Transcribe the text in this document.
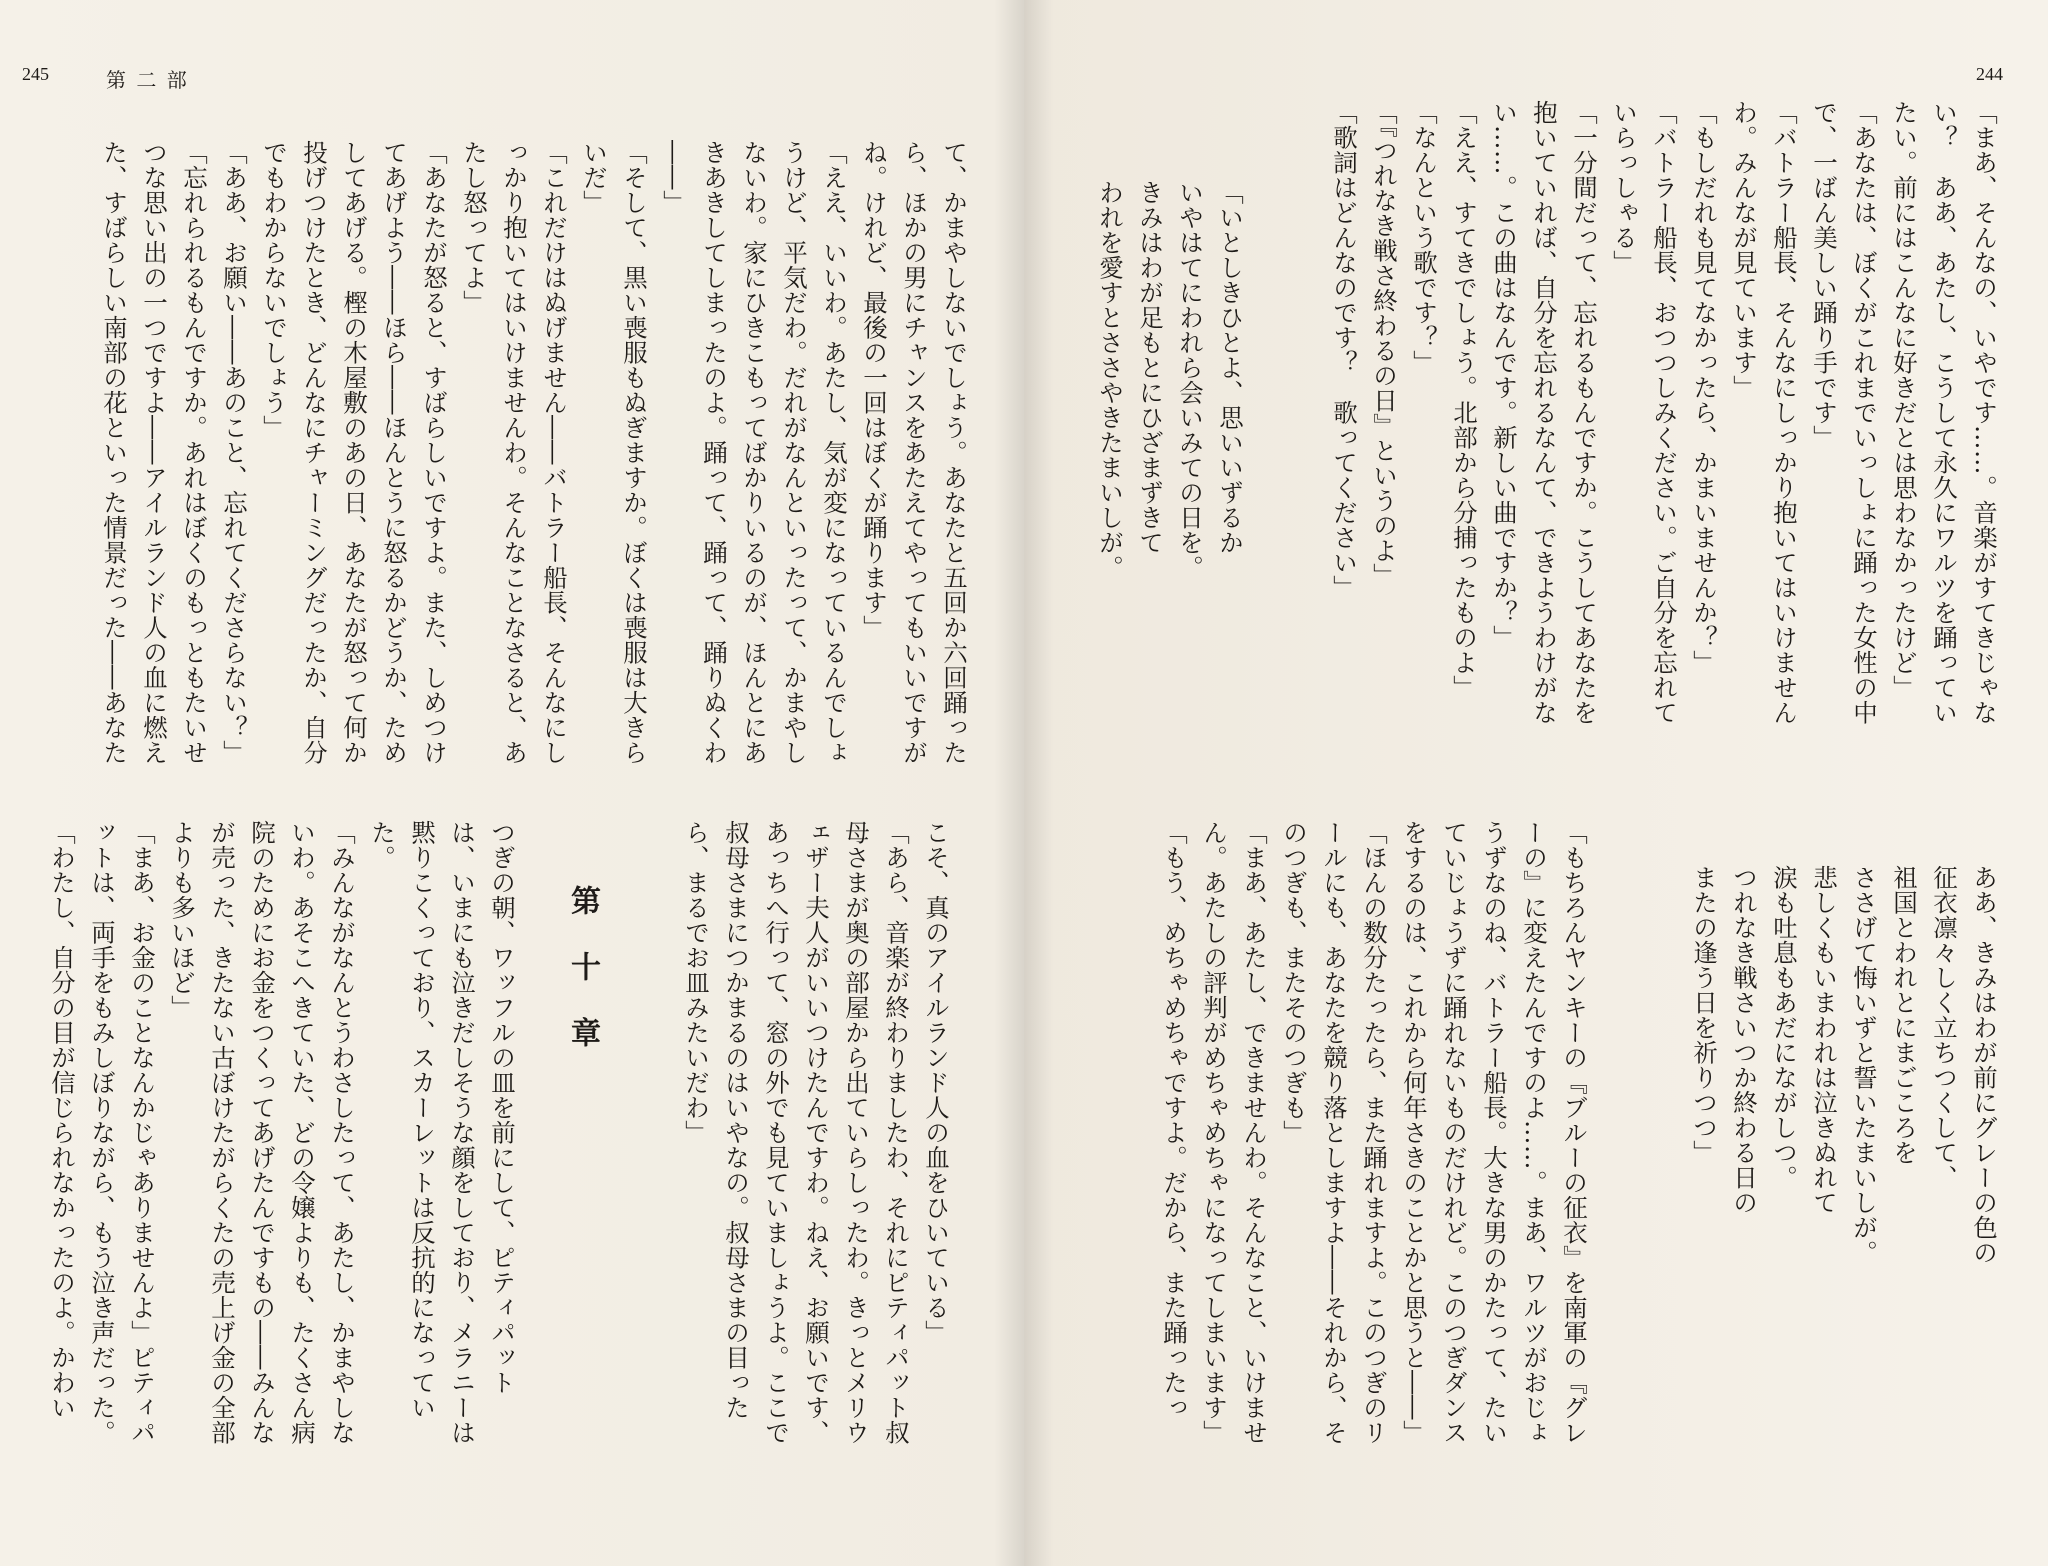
245	第 二 部

て、かまやしないでしょう。あなたと五回か六回踊った

ら、ほかの男にチャンスをあたえてやってもいいですが

ね。けれど、最後の一回はぼくが踊ります」

「ええ、いいわ。あたし、気が変になっているんでしょ

うけど、平気だわ。だれがなんといったって、かまやし

ないわ。家にひきこもってばかりいるのが、ほんとにあ

きあきしてしまったのよ。踊って、踊って、踊りぬくわ

――」

「そして、黒い喪服もぬぎますか。ぼくは喪服は大きら

いだ」

「これだけはぬげません――バトラー船長、そんなにし

っかり抱いてはいけませんわ。そんなことなさると、あ

たし怒ってよ」

「あなたが怒ると、すばらしいですよ。また、しめつけ

てあげよう――ほら――ほんとうに怒るかどうか、ため

してあげる。樫の木屋敷のあの日、あなたが怒って何か

投げつけたとき、どんなにチャーミングだったか、自分

でもわからないでしょう」

「ああ、お願い――あのこと、忘れてくださらない？」

「忘れられるもんですか。あれはぼくのもっともたいせ

つな思い出の一つですよ――アイルランド人の血に燃え

た、すばらしい南部の花といった情景だった――あなた

こそ、真のアイルランド人の血をひいている」

「あら、音楽が終わりましたわ、それにピティパット叔

母さまが奥の部屋から出ていらしったわ。きっとメリウ

ェザー夫人がいいつけたんですわ。ねえ、お願いです、

あっちへ行って、窓の外でも見ていましょうよ。ここで

叔母さまにつかまるのはいやなの。叔母さまの目った

ら、まるでお皿みたいだわ」

第十章

つぎの朝、ワッフルの皿を前にして、ピティパット

は、いまにも泣きだしそうな顔をしており、メラニーは

黙りこくっており、スカーレットは反抗的になってい

た。

「みんながなんとうわさしたって、あたし、かまやしな

いわ。あそこへきていた、どの令嬢よりも、たくさん病

院のためにお金をつくってあげたんですもの――みんな

が売った、きたない古ぼけたがらくたの売上げ金の全部

よりも多いほど」

「まあ、お金のことなんかじゃありませんよ」ピティパ

ットは、両手をもみしぼりながら、もう泣き声だった。

「わたし、自分の目が信じられなかったのよ。かわい

244

「まあ、そんなの、いやです……。音楽がすてきじゃな

い？　ああ、あたし、こうして永久にワルツを踊ってい

たい。前にはこんなに好きだとは思わなかったけど」

「あなたは、ぼくがこれまでいっしょに踊った女性の中

で、一ばん美しい踊り手です」

「バトラー船長、そんなにしっかり抱いてはいけません

わ。みんなが見ています」

「もしだれも見てなかったら、かまいませんか？」

「バトラー船長、おつつしみください。ご自分を忘れて

いらっしゃる」

「一分間だって、忘れるもんですか。こうしてあなたを

抱いていれば、自分を忘れるなんて、できようわけがな

い……。この曲はなんです。新しい曲ですか？」

「ええ、すてきでしょう。北部から分捕ったものよ」

「なんという歌です？」

「『つれなき戦さ終わるの日』というのよ」

「歌詞はどんなのです？　歌ってください」

「いとしきひとよ、思いいずるか

いやはてにわれら会いみての日を。

きみはわが足もとにひざまずきて

われを愛すとささやきたまいしが。

ああ、きみはわが前にグレーの色の

征衣凛々しく立ちつくして、

祖国とわれとにまごころを

ささげて悔いずと誓いたまいしが。

悲しくもいまわれは泣きぬれて

涙も吐息もあだにながしつ。

つれなき戦さいつか終わる日の

またの逢う日を祈りつつ」

「もちろんヤンキーの『ブルーの征衣』を南軍の『グレ

ーの』に変えたんですのよ……。まあ、ワルツがおじょ

うずなのね、バトラー船長。大きな男のかたって、たい

ていじょうずに踊れないものだけれど。このつぎダンス

をするのは、これから何年さきのことかと思うと――」

「ほんの数分たったら、また踊れますよ。このつぎのリ

ールにも、あなたを競り落としますよ――それから、そ

のつぎも、またそのつぎも」

「まあ、あたし、できませんわ。そんなこと、いけませ

ん。あたしの評判がめちゃめちゃになってしまいます」

「もう、めちゃめちゃですよ。だから、また踊ったっ
